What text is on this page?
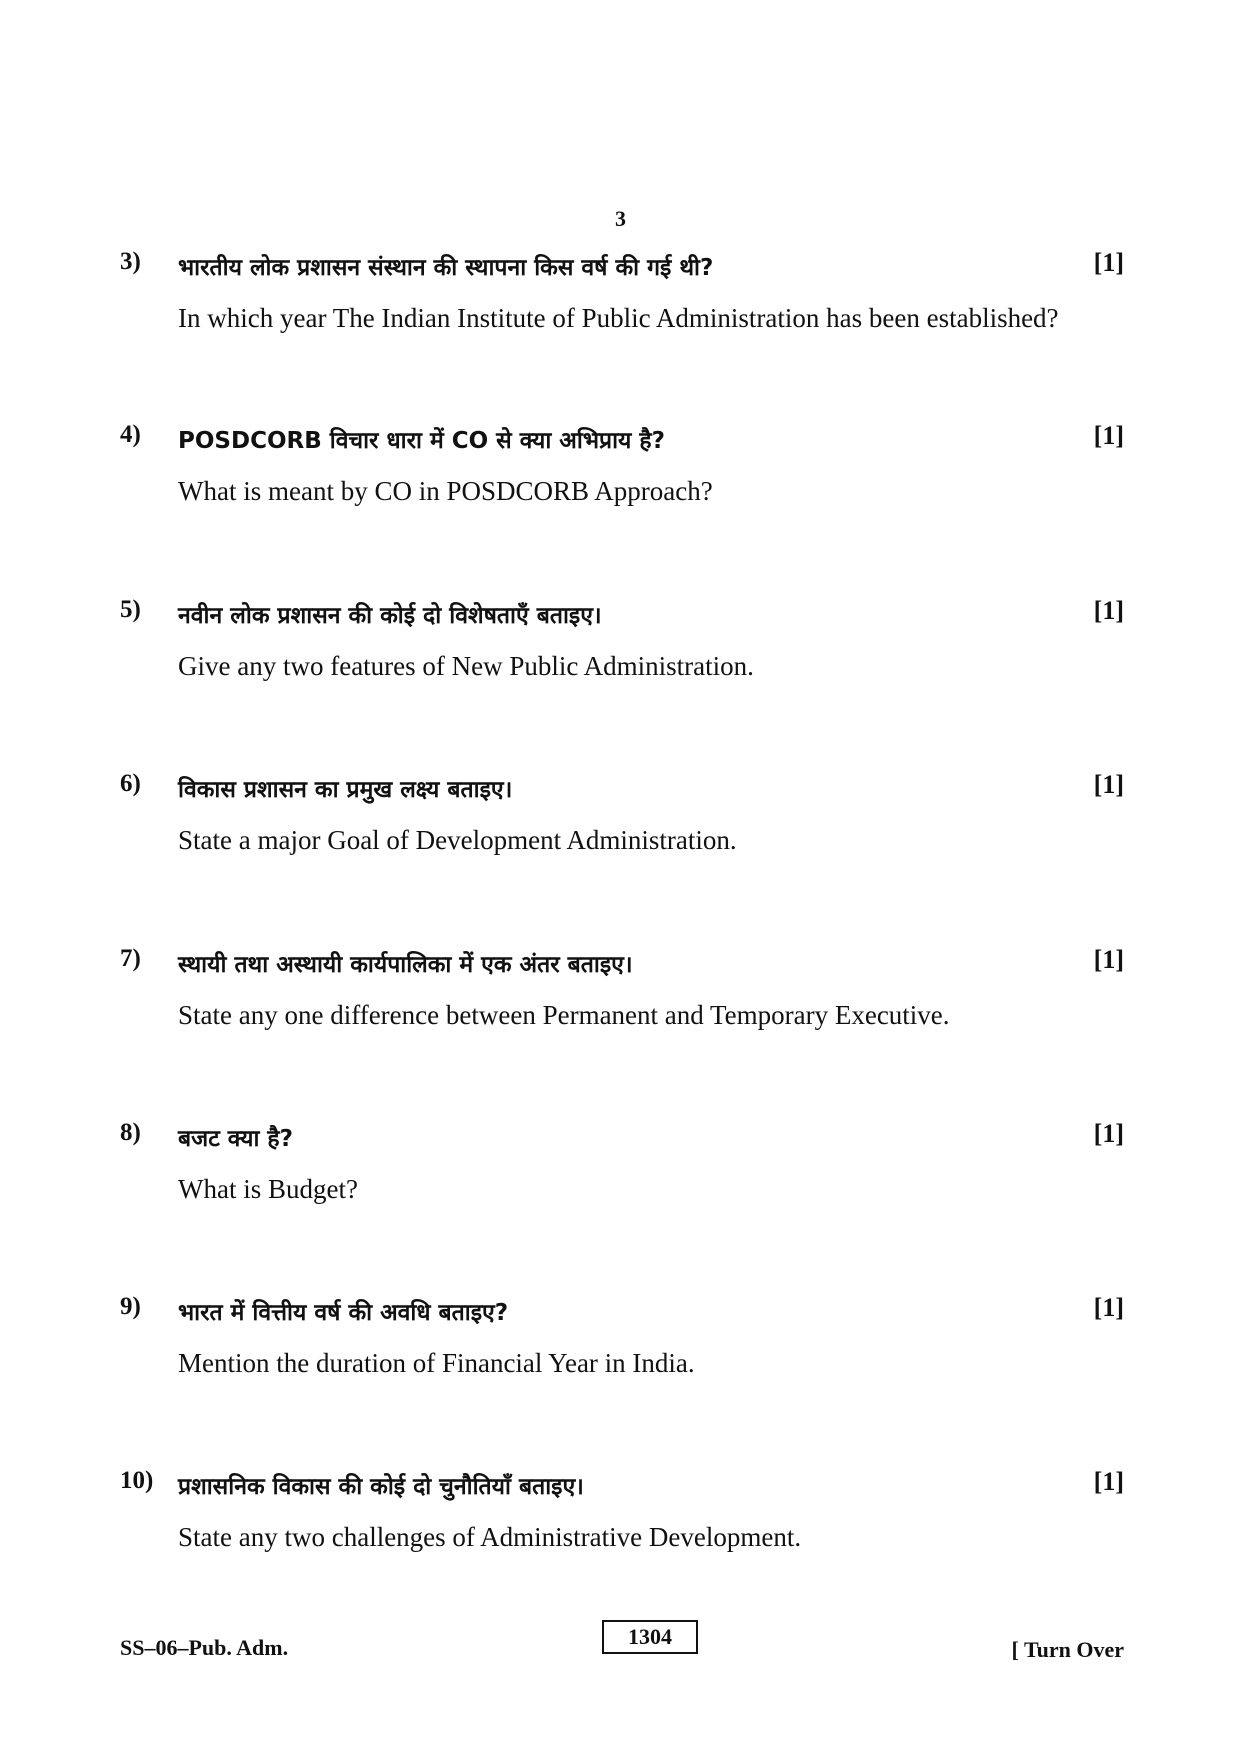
3
3) भारतीय लोक प्रशासन संस्थान की स्थापना किस वर्ष की गई थी?	[1]
In which year The Indian Institute of Public Administration has been established?
4) POSDCORB विचार धारा में CO से क्या अभिप्राय है?	[1]
What is meant by CO in POSDCORB Approach?
5) नवीन लोक प्रशासन की कोई दो विशेषताएँ बताइए।	[1]
Give any two features of New Public Administration.
6) विकास प्रशासन का प्रमुख लक्ष्य बताइए।	[1]
State a major Goal of Development Administration.
7) स्थायी तथा अस्थायी कार्यपालिका में एक अंतर बताइए।	[1]
State any one difference between Permanent and Temporary Executive.
8) बजट क्या है?	[1]
What is Budget?
9) भारत में वित्तीय वर्ष की अवधि बताइए?	[1]
Mention the duration of Financial Year in India.
10) प्रशासनिक विकास की कोई दो चुनौतियाँ बताइए।	[1]
State any two challenges of Administrative Development.
SS–06–Pub. Adm.	1304
[ Turn Over
